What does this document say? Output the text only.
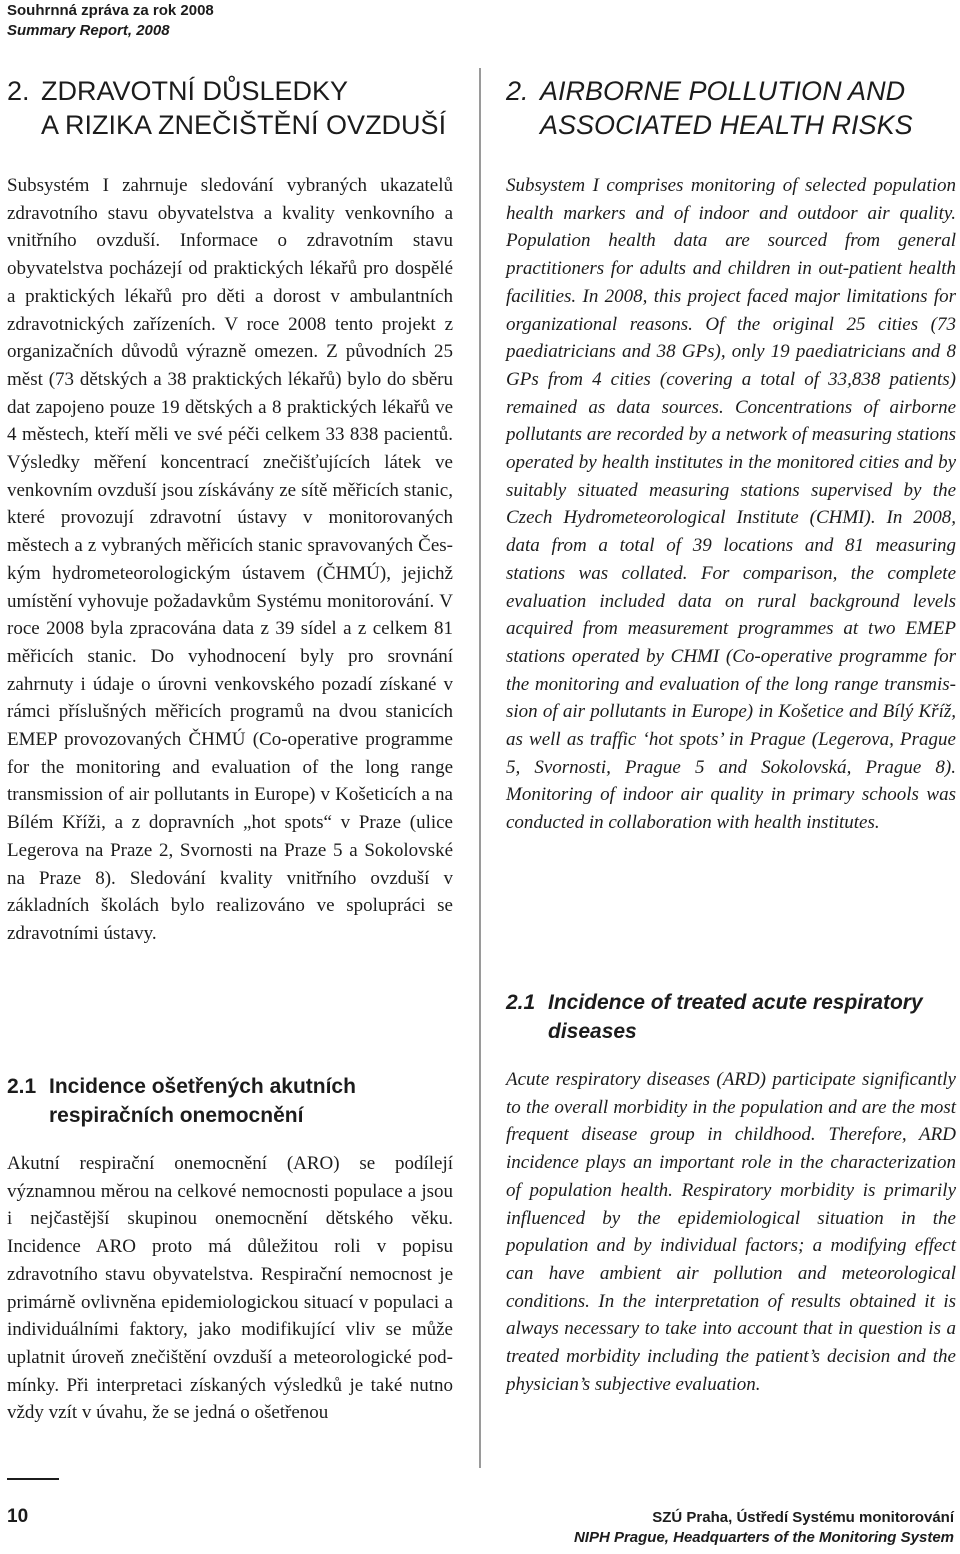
Souhrnná zpráva za rok 2008
Summary Report, 2008
2. ZDRAVOTNÍ DŮSLEDKY
A RIZIKA ZNEČIŠTĚNÍ OVZDUŠÍ

Subsystém I zahrnuje sledování vybraných ukazatelů zdravotního stavu obyvatelstva a kvality venkovního a vnitřního ovzduší. Informace o zdravotním stavu obyvatelstva pocházejí od praktických lékařů pro dospělé a praktických lékařů pro děti a dorost v ambulantních zdravotnických zařízeních. V roce 2008 tento projekt z organizačních důvodů výrazně omezen. Z původních 25 měst (73 dětských a 38 praktických lékařů) bylo do sběru dat zapojeno pouze 19 dětských a 8 praktických lékařů ve 4 městech, kteří měli ve své péči celkem 33 838 pacientů. Výsledky měření koncentrací znečišťujících látek ve venkovním ovzduší jsou získávány ze sítě měřicích stanic, které provozují zdravotní ústavy v monitorovaných městech a z vybraných měřicích stanic spravovaných Českým hydrometeorologickým ústavem (ČHMÚ), jejichž umístění vyhovuje požadavkům Systému monitorování. V roce 2008 byla zpracována data z 39 sídel a z celkem 81 měřicích stanic. Do vyhodnocení byly pro srovnání zahrnuty i údaje o úrovni venkovského pozadí získané v rámci příslušných měřicích programů na dvou stanicích EMEP provozovaných ČHMÚ (Co-operative programme for the monitoring and evaluation of the long range transmission of air pollutants in Europe) v Košeticích a na Bílém Kříži, a z dopravních „hot spots“ v Praze (ulice Legerova na Praze 2, Svornosti na Praze 5 a Sokolovské na Praze 8). Sledování kvality vnitřního ovzduší v základních školách bylo realizováno ve spolupráci se zdravotními ústavy.

2.1 Incidence ošetřených akutních
respiračních onemocnění

Akutní respirační onemocnění (ARO) se podílejí významnou měrou na celkové nemocnosti populace a jsou i nejčastější skupinou onemocnění dětského věku. Incidence ARO proto má důležitou roli v popisu zdravotního stavu obyvatelstva. Respirační nemocnost je primárně ovlivněna epidemiologickou situací v populaci a individuálními faktory, jako modifikující vliv se může uplatnit úroveň znečištění ovzduší a meteorologické podmínky. Při interpretaci získaných výsledků je také nutno vždy vzít v úvahu, že se jedná o ošetřenou

2. AIRBORNE POLLUTION AND
ASSOCIATED HEALTH RISKS

Subsystem I comprises monitoring of selected population health markers and of indoor and outdoor air quality. Population health data are sourced from general practitioners for adults and children in out-patient health facilities. In 2008, this project faced major limitations for organizational reasons. Of the original 25 cities (73 paediatricians and 38 GPs), only 19 paediatricians and 8 GPs from 4 cities (covering a total of 33,838 patients) remained as data sources. Concentrations of airborne pollutants are recorded by a network of measuring stations operated by health institutes in the monitored cities and by suitably situated measuring stations supervised by the Czech Hydrometeorological Institute (CHMI). In 2008, data from a total of 39 locations and 81 measuring stations was collated. For comparison, the complete evaluation included data on rural background levels acquired from measurement programmes at two EMEP stations operated by CHMI (Co-operative programme for the monitoring and evaluation of the long range transmission of air pollutants in Europe) in Košetice and Bílý Kříž, as well as traffic ‘hot spots’ in Prague (Legerova, Prague 5, Svornosti, Prague 5 and Sokolovská, Prague 8). Monitoring of indoor air quality in primary schools was conducted in collaboration with health institutes.

2.1 Incidence of treated acute respiratory
diseases

Acute respiratory diseases (ARD) participate significantly to the overall morbidity in the population and are the most frequent disease group in childhood. Therefore, ARD incidence plays an important role in the characterization of population health. Respiratory morbidity is primarily influenced by the epidemiological situation in the population and by individual factors; a modifying effect can have ambient air pollution and meteorological conditions. In the interpretation of results obtained it is always necessary to take into account that in question is a treated morbidity including the patient’s decision and the physician’s subjective evaluation.

10	SZÚ Praha, Ústředí Systému monitorování
NIPH Prague, Headquarters of the Monitoring System
